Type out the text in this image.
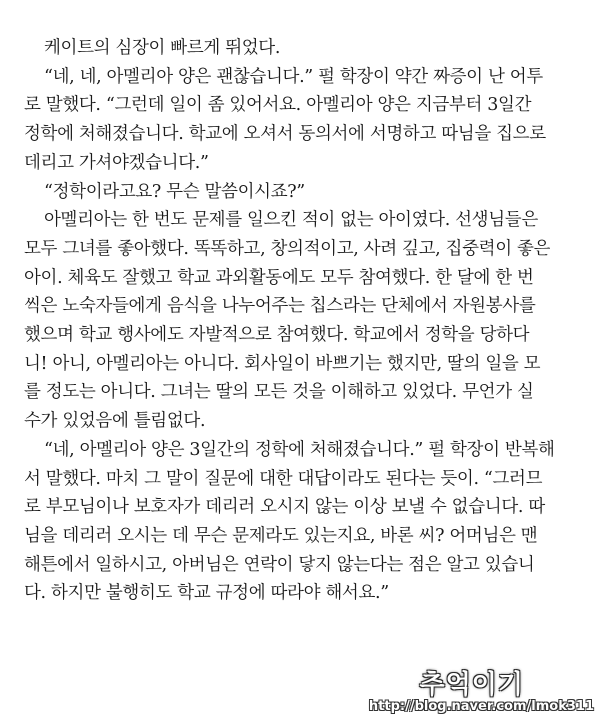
케이트의 심장이 빠르게 뛰었다.

“네, 네, 아멜리아 양은 괜찮습니다.” 펄 학장이 약간 짜증이 난 어투
로 말했다. “그런데 일이 좀 있어서요. 아멜리아 양은 지금부터 3일간
정학에 처해졌습니다. 학교에 오셔서 동의서에 서명하고 따님을 집으로
데리고 가셔야겠습니다.”

“정학이라고요? 무슨 말씀이시죠?”

아멜리아는 한 번도 문제를 일으킨 적이 없는 아이였다. 선생님들은
모두 그녀를 좋아했다. 똑똑하고, 창의적이고, 사려 깊고, 집중력이 좋은
아이. 체육도 잘했고 학교 과외활동에도 모두 참여했다. 한 달에 한 번
씩은 노숙자들에게 음식을 나누어주는 칩스라는 단체에서 자원봉사를
했으며 학교 행사에도 자발적으로 참여했다. 학교에서 정학을 당하다
니! 아니, 아멜리아는 아니다. 회사일이 바쁘기는 했지만, 딸의 일을 모
를 정도는 아니다. 그녀는 딸의 모든 것을 이해하고 있었다. 무언가 실
수가 있었음에 틀림없다.

“네, 아멜리아 양은 3일간의 정학에 처해졌습니다.” 펄 학장이 반복해
서 말했다. 마치 그 말이 질문에 대한 대답이라도 된다는 듯이. “그러므
로 부모님이나 보호자가 데리러 오시지 않는 이상 보낼 수 없습니다. 따
님을 데리러 오시는 데 무슨 문제라도 있는지요, 바론 씨? 어머님은 맨
해튼에서 일하시고, 아버님은 연락이 닿지 않는다는 점은 알고 있습니
다. 하지만 불행히도 학교 규정에 따라야 해서요.”

추억이기
http://blog.naver.com/lmok311
